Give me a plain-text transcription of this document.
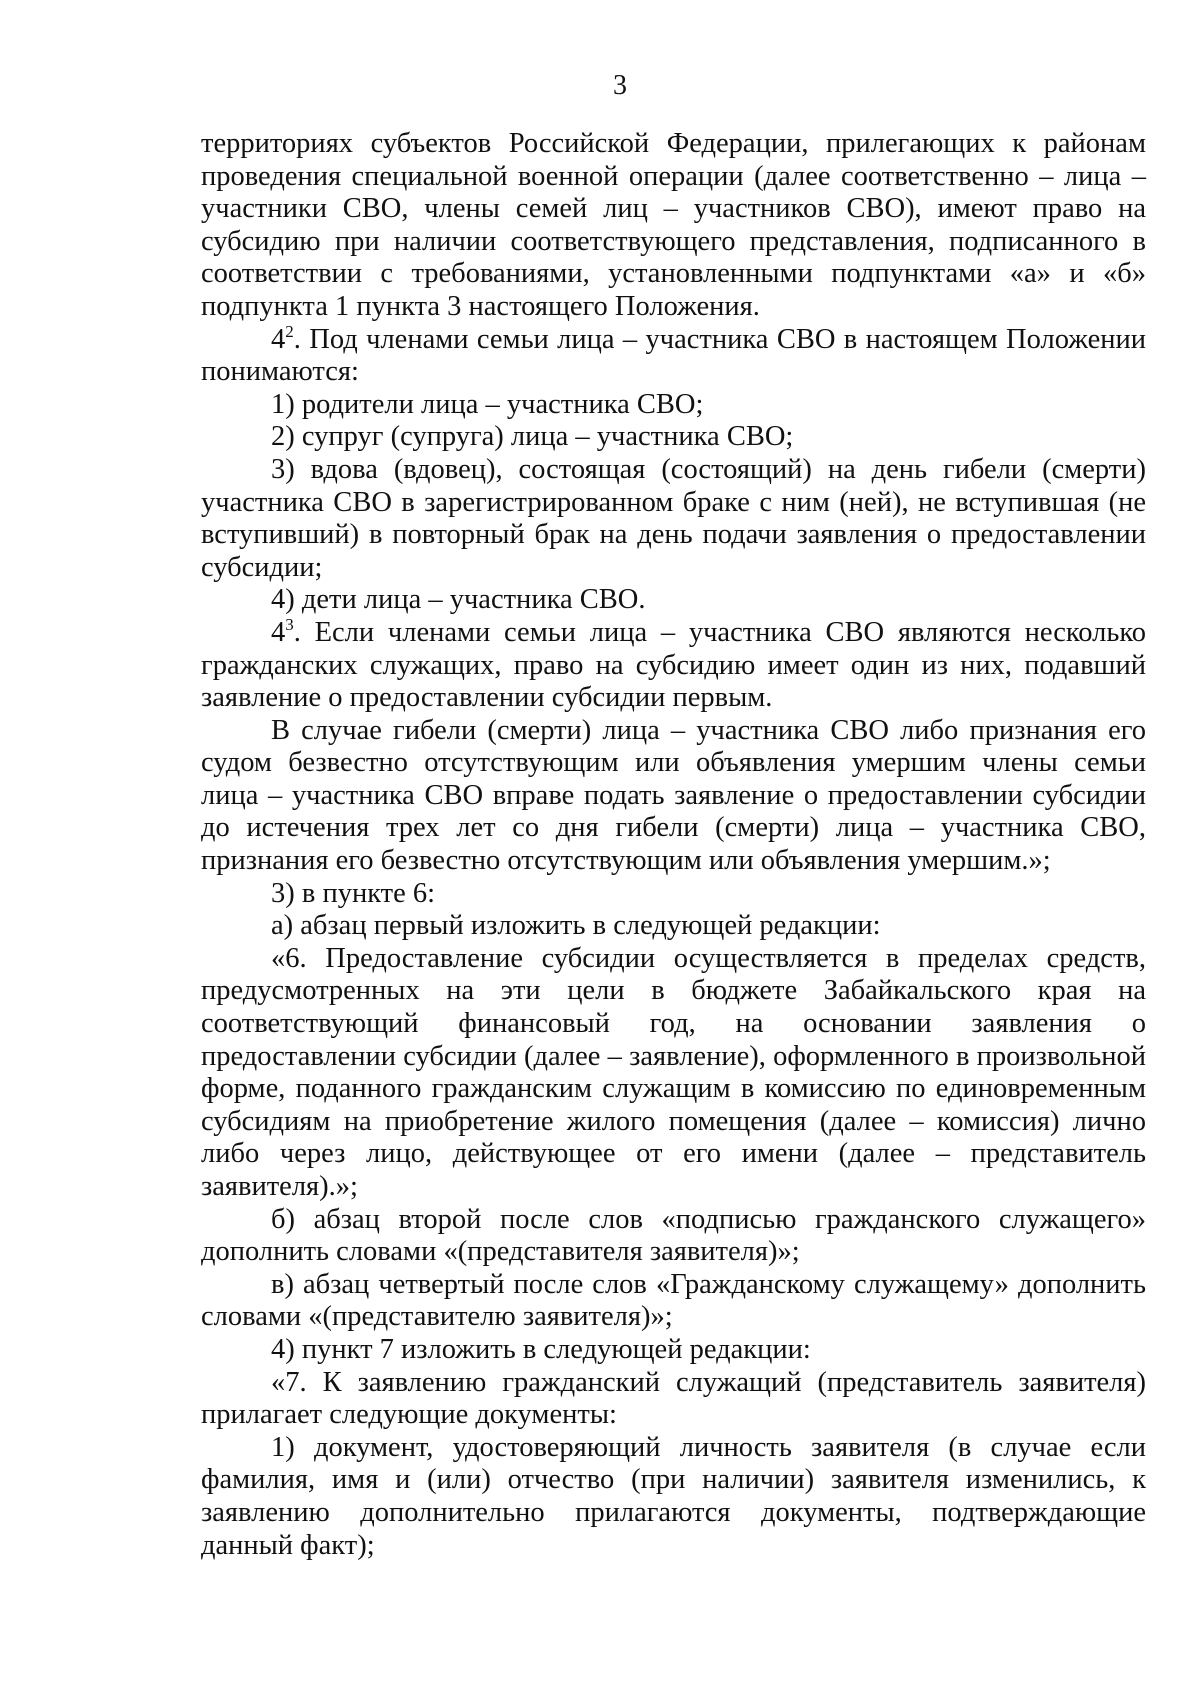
3

территориях субъектов Российской Федерации, прилегающих к районам проведения специальной военной операции (далее соответственно – лица – участники СВО, члены семей лиц – участников СВО), имеют право на субсидию при наличии соответствующего представления, подписанного в соответствии с требованиями, установленными подпунктами «а» и «б» подпункта 1 пункта 3 настоящего Положения.

$4^2$. Под членами семьи лица – участника СВО в настоящем Положении понимаются:

1) родители лица – участника СВО;

2) супруг (супруга) лица – участника СВО;

3) вдова (вдовец), состоящая (состоящий) на день гибели (смерти) участника СВО в зарегистрированном браке с ним (ней), не вступившая (не вступивший) в повторный брак на день подачи заявления о предоставлении субсидии;

4) дети лица – участника СВО.

$4^3$. Если членами семьи лица – участника СВО являются несколько гражданских служащих, право на субсидию имеет один из них, подавший заявление о предоставлении субсидии первым.

В случае гибели (смерти) лица – участника СВО либо признания его судом безвестно отсутствующим или объявления умершим члены семьи лица – участника СВО вправе подать заявление о предоставлении субсидии до истечения трех лет со дня гибели (смерти) лица – участника СВО, признания его безвестно отсутствующим или объявления умершим.»;

3) в пункте 6:

а) абзац первый изложить в следующей редакции:

«6. Предоставление субсидии осуществляется в пределах средств, предусмотренных на эти цели в бюджете Забайкальского края на соответствующий финансовый год, на основании заявления о предоставлении субсидии (далее – заявление), оформленного в произвольной форме, поданного гражданским служащим в комиссию по единовременным субсидиям на приобретение жилого помещения (далее – комиссия) лично либо через лицо, действующее от его имени (далее – представитель заявителя).»;

б) абзац второй после слов «подписью гражданского служащего» дополнить словами «(представителя заявителя)»;

в) абзац четвертый после слов «Гражданскому служащему» дополнить словами «(представителю заявителя)»;

4) пункт 7 изложить в следующей редакции:

«7. К заявлению гражданский служащий (представитель заявителя) прилагает следующие документы:

1) документ, удостоверяющий личность заявителя (в случае если фамилия, имя и (или) отчество (при наличии) заявителя изменились, к заявлению дополнительно прилагаются документы, подтверждающие данный факт);
